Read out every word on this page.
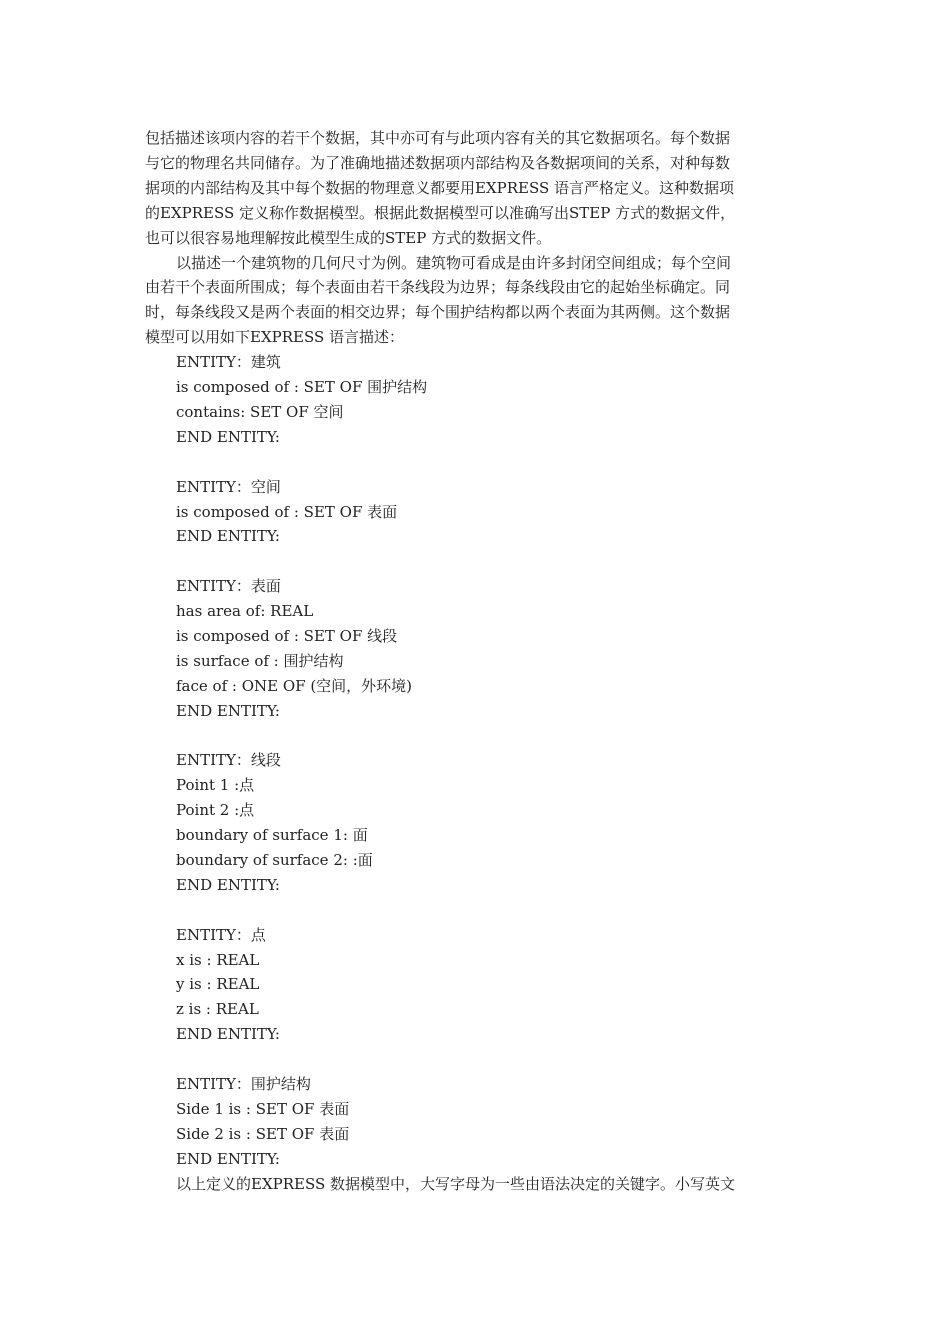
包括描述该项内容的若干个数据，其中亦可有与此项内容有关的其它数据项名。每个数据

与它的物理名共同储存。为了准确地描述数据项内部结构及各数据项间的关系，对种每数

据项的内部结构及其中每个数据的物理意义都要用EXPRESS 语言严格定义。这种数据项

的EXPRESS 定义称作数据模型。根据此数据模型可以准确写出STEP 方式的数据文件，

也可以很容易地理解按此模型生成的STEP 方式的数据文件。

以描述一个建筑物的几何尺寸为例。建筑物可看成是由许多封闭空间组成；每个空间

由若干个表面所围成；每个表面由若干条线段为边界；每条线段由它的起始坐标确定。同

时，每条线段又是两个表面的相交边界；每个围护结构都以两个表面为其两侧。这个数据

模型可以用如下EXPRESS 语言描述：

ENTITY：建筑

is composed of : SET OF 围护结构

contains: SET OF 空间

END ENTITY:

ENTITY：空间

is composed of : SET OF 表面

END ENTITY:

ENTITY：表面

has area of: REAL

is composed of : SET OF 线段

is surface of : 围护结构

face of : ONE OF (空间，外环境)

END ENTITY:

ENTITY：线段

Point 1 :点

Point 2 :点

boundary of surface 1: 面

boundary of surface 2: :面

END ENTITY:

ENTITY：点

x is : REAL

y is : REAL

z is : REAL

END ENTITY:

ENTITY：围护结构

Side 1 is : SET OF 表面

Side 2 is : SET OF 表面

END ENTITY:

以上定义的EXPRESS 数据模型中，大写字母为一些由语法决定的关键字。小写英文
